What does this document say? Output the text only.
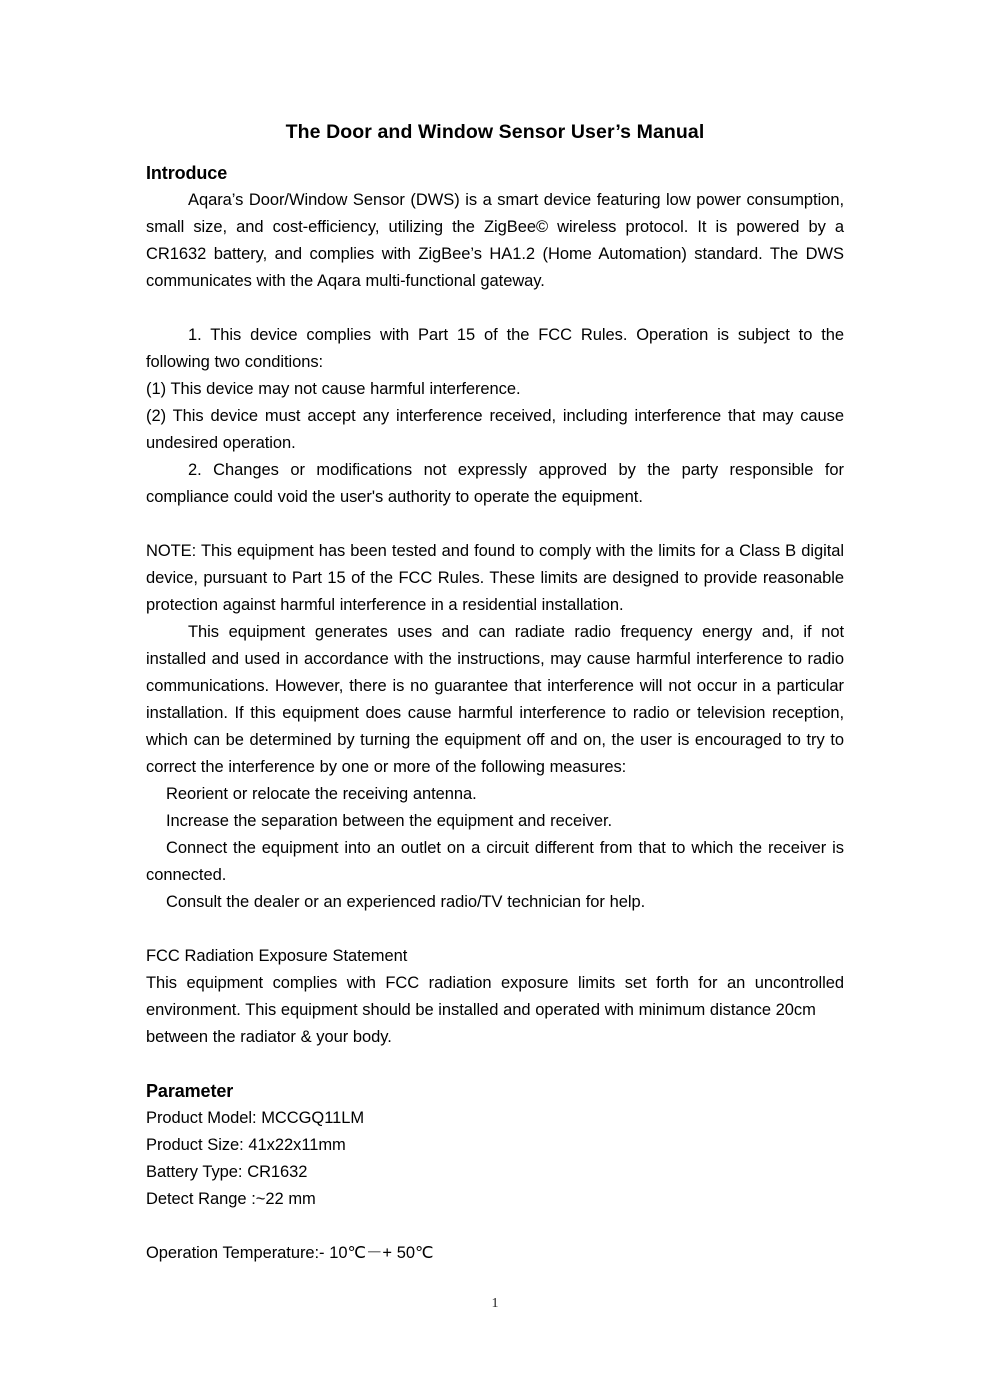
The Door and Window Sensor User’s Manual
Introduce

Aqara’s Door/Window Sensor (DWS) is a smart device featuring low power consumption, small size, and cost-efficiency, utilizing the ZigBee© wireless protocol. It is powered by a CR1632 battery, and complies with ZigBee’s HA1.2 (Home Automation) standard. The DWS communicates with the Aqara multi-functional gateway.

1. This device complies with Part 15 of the FCC Rules. Operation is subject to the following two conditions:

(1) This device may not cause harmful interference.

(2) This device must accept any interference received, including interference that may cause undesired operation.

2. Changes or modifications not expressly approved by the party responsible for compliance could void the user's authority to operate the equipment.

NOTE: This equipment has been tested and found to comply with the limits for a Class B digital device, pursuant to Part 15 of the FCC Rules. These limits are designed to provide reasonable protection against harmful interference in a residential installation.

This equipment generates uses and can radiate radio frequency energy and, if not installed and used in accordance with the instructions, may cause harmful interference to radio communications. However, there is no guarantee that interference will not occur in a particular installation. If this equipment does cause harmful interference to radio or television reception, which can be determined by turning the equipment off and on, the user is encouraged to try to correct the interference by one or more of the following measures:

Reorient or relocate the receiving antenna.

Increase the separation between the equipment and receiver.

Connect the equipment into an outlet on a circuit different from that to which the receiver is connected.

Consult the dealer or an experienced radio/TV technician for help.

FCC Radiation Exposure Statement

This equipment complies with FCC radiation exposure limits set forth for an uncontrolled environment. This equipment should be installed and operated with minimum distance 20cm

between the radiator & your body.

Parameter

Product Model: MCCGQ11LM

Product Size: 41x22x11mm

Battery Type: CR1632

Detect Range :~22 mm

Operation Temperature:- 10℃－+ 50℃

1
